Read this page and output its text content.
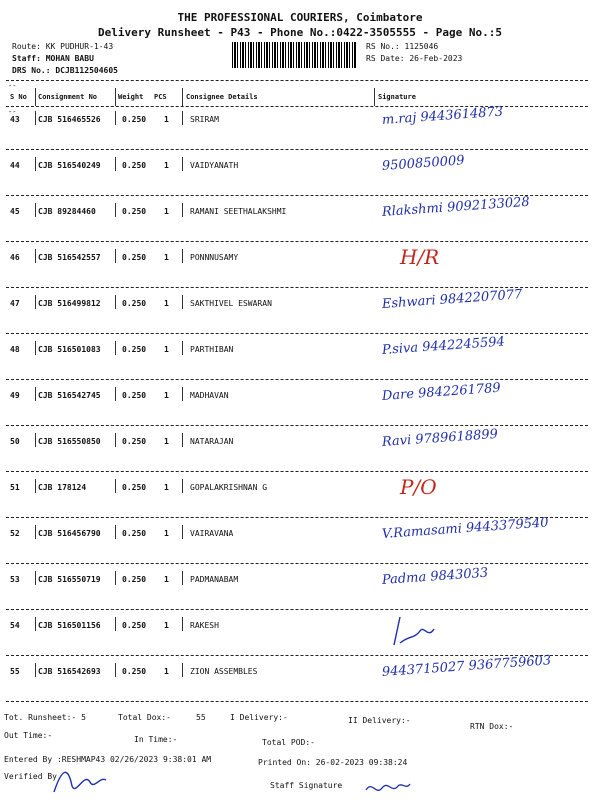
THE PROFESSIONAL COURIERS, Coimbatore
Delivery Runsheet - P43 - Phone No.:0422-3505555 - Page No.:5
Route: KK PUDHUR-1-43
Staff: MOHAN BABU
DRS No.: DCJB112504605
RS No.: 1125046
RS Date: 26-Feb-2023
--
--
S No Consignment No	Weight PCS	Consignee Details	Signature
43 CJB 516465526	0.250 1	SRIRAM	m.raj 9443614873
44 CJB 516540249	0.250 1	VAIDYANATH	9500850009
45 CJB 89284460	0.250 1	RAMANI SEETHALAKSHMI	Rlakshmi 9092133028
46 CJB 516542557	0.250 1	PONNNUSAMY	H/R
47 CJB 516499812	0.250 1	SAKTHIVEL ESWARAN	Eshwari 9842207077
48 CJB 516501083	0.250 1	PARTHIBAN	P.siva 9442245594
49 CJB 516542745	0.250 1	MADHAVAN	Dare 9842261789
50 CJB 516550850	0.250 1	NATARAJAN	Ravi 9789618899
51 CJB 178124	0.250 1	GOPALAKRISHNAN G	P/O
52 CJB 516456790	0.250 1	VAIRAVANA	V.Ramasami 9443379540
53 CJB 516550719	0.250 1	PADMANABAM	Padma 9843033
54 CJB 516501156	0.250 1	RAKESH
55 CJB 516542693	0.250 1	ZION ASSEMBLES	9443715027 9367759603
Tot. Runsheet:- 5	Total Dox:-	55	I Delivery:-	II Delivery:-
RTN Dox:-
Out Time:-	In Time:-	Total POD:-
Entered By :RESHMAP43 02/26/2023 9:38:01 AM	Printed On: 26-02-2023 09:38:24
Verified By
Staff Signature
